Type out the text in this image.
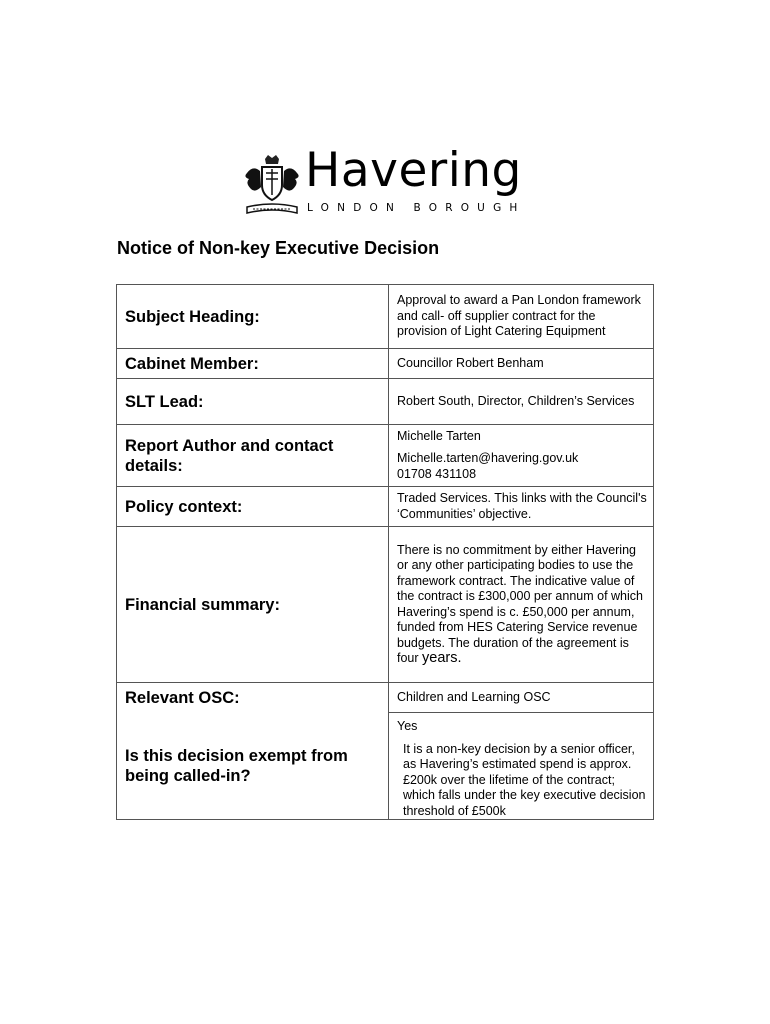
Havering
LONDON BOROUGH
Notice of Non-key Executive Decision
Subject Heading:	Approval to award a Pan London framework and call- off supplier contract for the provision of Light Catering Equipment
Cabinet Member:	Councillor Robert Benham
SLT Lead:	Robert South, Director, Children’s Services
Report Author and contact details:	Michelle Tarten
Michelle.tarten@havering.gov.uk
01708 431108

Policy context:	Traded Services. This links with the Council's ‘Communities’ objective.
Financial summary:	There is no commitment by either Havering or any other participating bodies to use the framework contract. The indicative value of the contract is £300,000 per annum of which Havering’s spend is c. £50,000 per annum, funded from HES Catering Service revenue budgets. The duration of the agreement is four years.
Relevant OSC:	Children and Learning OSC
Is this decision exempt from being called-in?	Yes
It is a non-key decision by a senior officer, as Havering’s estimated spend is approx. £200k over the lifetime of the contract; which falls under the key executive decision threshold of £500k
